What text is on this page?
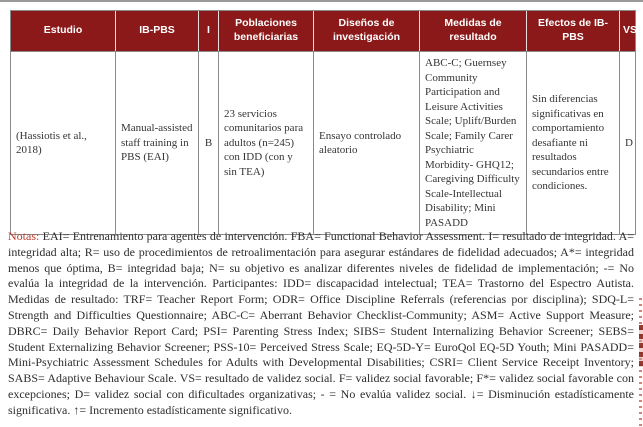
Estudio	IB-PBS	I	Poblaciones beneficiarias	Diseños de investigación	Medidas de resultado	Efectos de IB-PBS	VS
(Hassiotis et al., 2018)	Manual-assisted staff training in PBS (EAI)	B	23 servicios comunitarios para adultos (n=245) con IDD (con y sin TEA)	Ensayo controlado aleatorio	ABC-C; Guernsey Community Participation and Leisure Activities Scale; Uplift/Burden Scale; Family Carer Psychiatric Morbidity- GHQ12; Caregiving Difficulty Scale-Intellectual Disability; Mini PASADD	Sin diferencias significativas en comportamiento desafiante ni resultados secundarios entre condiciones.	D

Notas: EAI= Entrenamiento para agentes de intervención. FBA= Functional Behavior Assessment. I= resultado de integridad. A= integridad alta; R= uso de procedimientos de retroalimentación para asegurar estándares de fidelidad adecuados; A*= integridad menos que óptima, B= integridad baja; N= su objetivo es analizar diferentes niveles de fidelidad de implementación; -= No evalúa la integridad de la intervención. Participantes: IDD= discapacidad intelectual; TEA= Trastorno del Espectro Autista. Medidas de resultado: TRF= Teacher Report Form; ODR= Office Discipline Referrals (referencias por disciplina); SDQ-L= Strength and Difficulties Questionnaire; ABC-C= Aberrant Behavior Checklist-Community; ASM= Active Support Measure; DBRC= Daily Behavior Report Card; PSI= Parenting Stress Index; SIBS= Student Internalizing Behavior Screener; SEBS= Student Externalizing Behavior Screener; PSS-10= Perceived Stress Scale; EQ-5D-Y= EuroQol EQ-5D Youth; Mini PASADD= Mini-Psychiatric Assessment Schedules for Adults with Developmental Disabilities; CSRI= Client Service Receipt Inventory; SABS= Adaptive Behaviour Scale. VS= resultado de validez social. F= validez social favorable; F*= validez social favorable con excepciones; D= validez social con dificultades organizativas; - = No evalúa validez social. ↓= Disminución estadísticamente significativa. ↑= Incremento estadísticamente significativo.
